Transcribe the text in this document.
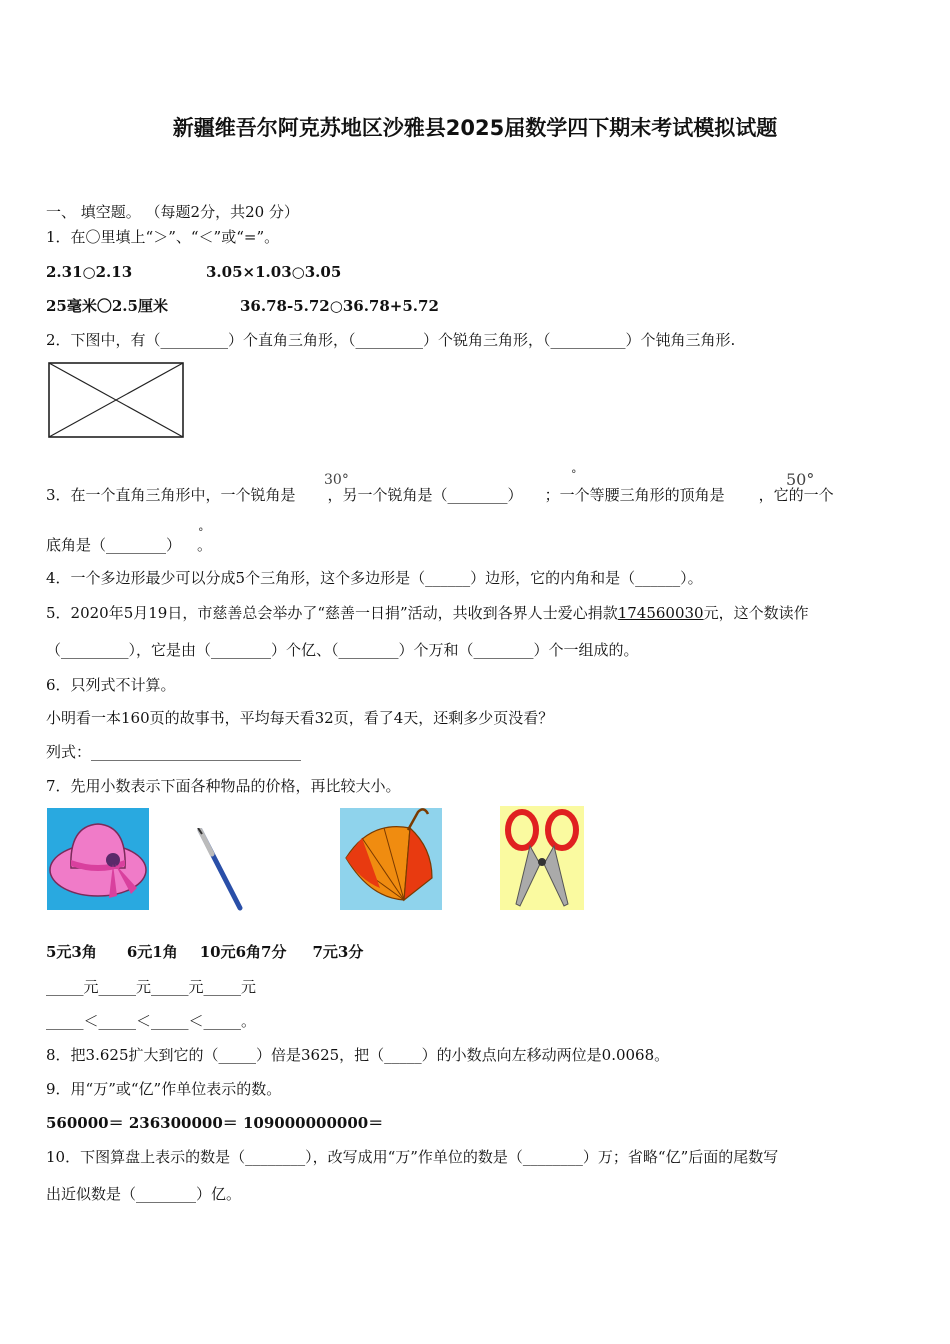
新疆维吾尔阿克苏地区沙雅县2025届数学四下期末考试模拟试题
一、 填空题。 （每题2分，共20 分）
1．在〇里填上“＞”、“＜”或“=”。
2.31○2.13	3.05×1.03○3.05
25毫米〇2.5厘米	36.78-5.72○36.78+5.72
2．下图中，有（_________）个直角三角形，（_________）个锐角三角形，（__________）个钝角三角形.
3．在一个直角三角形中，一个锐角是 ，另一个锐角是（________） ；一个等腰三角形的顶角是 ，它的一个
30°	°	50°
底角是（________） 。
°
4．一个多边形最少可以分成5个三角形，这个多边形是（______）边形，它的内角和是（______）。
5．2020年5月19日，市慈善总会举办了“慈善一日捐”活动，共收到各界人士爱心捐款174560030元，这个数读作
（_________），它是由（________）个亿、（________）个万和（________）个一组成的。
6．只列式不计算。
小明看一本160页的故事书，平均每天看32页，看了4天，还剩多少页没看？
列式：____________________________
7．先用小数表示下面各种物品的价格，再比较大小。
5元3角 6元1角 10元6角7分 7元3分
_____元_____元_____元_____元
_____＜_____＜_____＜_____。
8．把3.625扩大到它的（_____）倍是3625，把（_____）的小数点向左移动两位是0.0068。
9．用“万”或“亿”作单位表示的数。
560000＝ 236300000＝ 109000000000＝
10．下图算盘上表示的数是（________），改写成用“万”作单位的数是（________）万；省略“亿”后面的尾数写
出近似数是（________）亿。
